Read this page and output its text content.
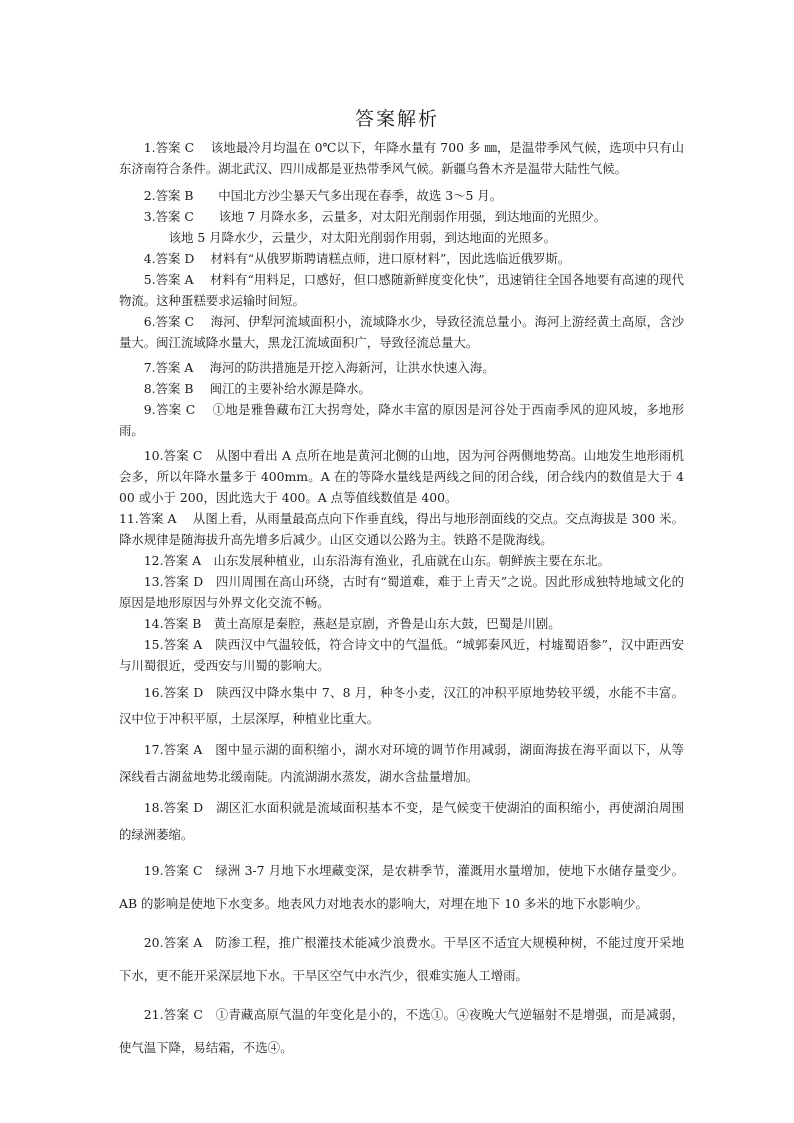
答案解析

1.答案 C　 该地最冷月均温在 0℃以下，年降水量有 700 多 ㎜，是温带季风气候，选项中只有山东济南符合条件。湖北武汉、四川成都是亚热带季风气候。新疆乌鲁木齐是温带大陆性气候。

2.答案 B　　中国北方沙尘暴天气多出现在春季，故选 3～5 月。

3.答案 C　　该地 7 月降水多，云量多，对太阳光削弱作用强，到达地面的光照少。

该地 5 月降水少，云量少，对太阳光削弱作用弱，到达地面的光照多。

4.答案 D　 材料有“从俄罗斯聘请糕点师，进口原材料”，因此选临近俄罗斯。

5.答案 A　 材料有“用料足，口感好，但口感随新鲜度变化快”，迅速销往全国各地要有高速的现代物流。这种蛋糕要求运输时间短。

6.答案 C　 海河、伊犁河流域面积小，流域降水少，导致径流总量小。海河上游经黄土高原，含沙量大。闽江流域降水量大，黑龙江流域面积广，导致径流总量大。

7.答案 A　 海河的防洪措施是开挖入海新河，让洪水快速入海。

8.答案 B　 闽江的主要补给水源是降水。

9.答案 C　 ①地是雅鲁藏布江大拐弯处，降水丰富的原因是河谷处于西南季风的迎风坡，多地形雨。

10.答案 C　从图中看出 A 点所在地是黄河北侧的山地，因为河谷两侧地势高。山地发生地形雨机会多，所以年降水量多于 400mm。A 在的等降水量线是两线之间的闭合线，闭合线内的数值是大于 400 或小于 200，因此选大于 400。A 点等值线数值是 400。

11.答案 A　 从图上看，从雨量最高点向下作垂直线，得出与地形剖面线的交点。交点海拔是 300 米。降水规律是随海拔升高先增多后减少。山区交通以公路为主。铁路不是陇海线。

12.答案 A　山东发展种植业，山东沿海有渔业，孔庙就在山东。朝鲜族主要在东北。

13.答案 D　四川周围在高山环绕，古时有“蜀道难，难于上青天”之说。因此形成独特地域文化的原因是地形原因与外界文化交流不畅。

14.答案 B　黄土高原是秦腔，燕赵是京剧，齐鲁是山东大鼓，巴蜀是川剧。

15.答案 A　陕西汉中气温较低，符合诗文中的气温低。“城郭秦风近，村墟蜀语参”，汉中距西安与川蜀很近，受西安与川蜀的影响大。

16.答案 D　陕西汉中降水集中 7、8 月，种冬小麦，汉江的冲积平原地势较平缓，水能不丰富。汉中位于冲积平原，土层深厚，种植业比重大。

17.答案 A　图中显示湖的面积缩小，湖水对环境的调节作用减弱，湖面海拔在海平面以下，从等深线看古湖盆地势北缓南陡。内流湖湖水蒸发，湖水含盐量增加。

18.答案 D　湖区汇水面积就是流域面积基本不变，是气候变干使湖泊的面积缩小，再使湖泊周围的绿洲萎缩。

19.答案 C　绿洲 3-7 月地下水埋藏变深，是农耕季节，灌溉用水量增加，使地下水储存量变少。AB 的影响是使地下水变多。地表风力对地表水的影响大，对埋在地下 10 多米的地下水影响少。

20.答案 A　防渗工程，推广根灌技术能减少浪费水。干旱区不适宜大规模种树，不能过度开采地下水，更不能开采深层地下水。干旱区空气中水汽少，很难实施人工增雨。

21.答案 C　①青藏高原气温的年变化是小的，不选①。④夜晚大气逆辐射不是增强，而是减弱，使气温下降，易结霜，不选④。
